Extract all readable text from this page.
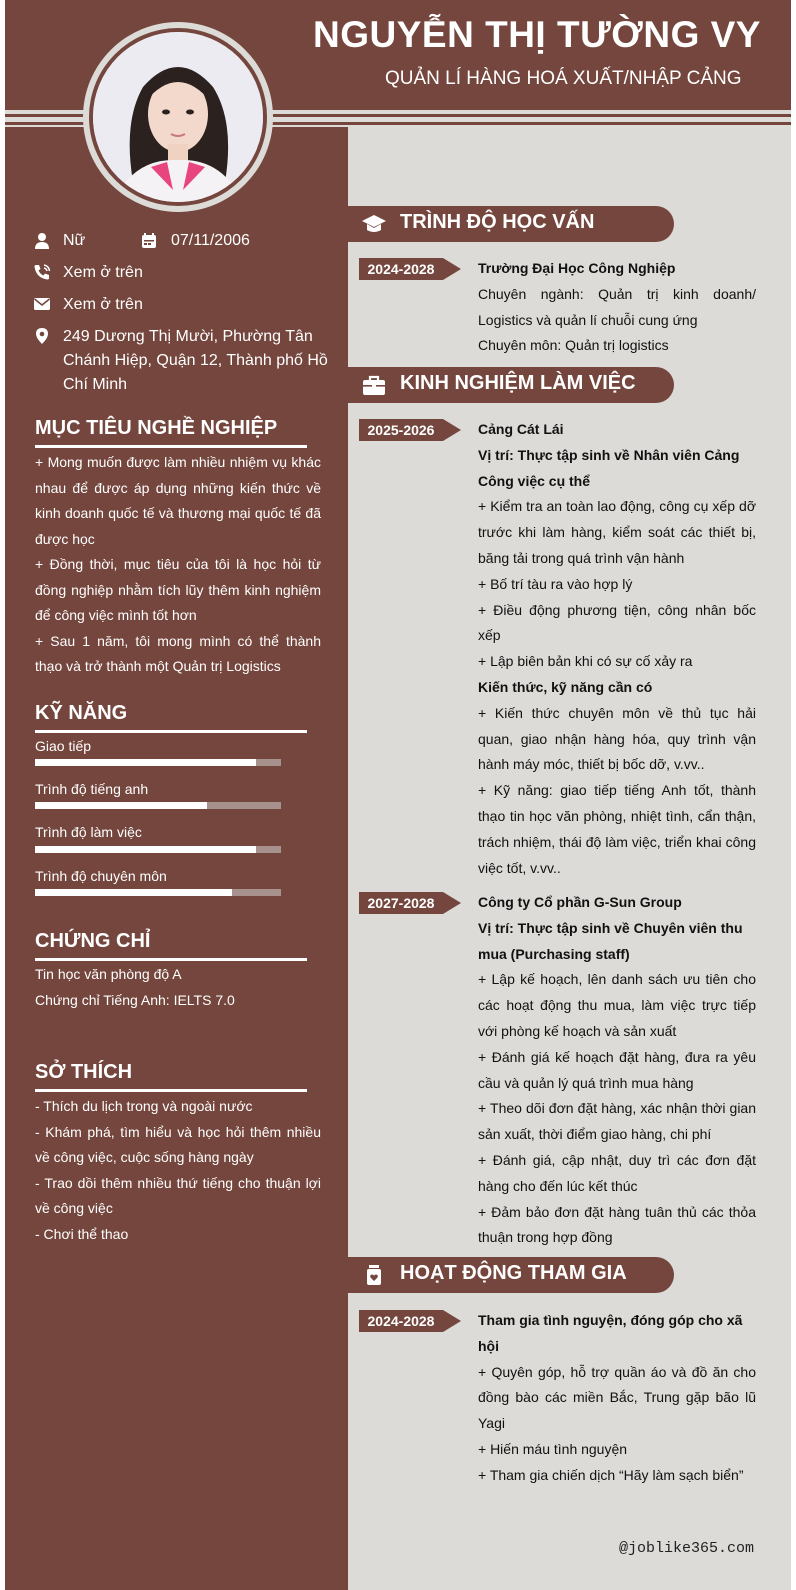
NGUYỄN THỊ TƯỜNG VY
QUẢN LÍ HÀNG HOÁ XUẤT/NHẬP CẢNG
Nữ	07/11/2006
Xem ở trên
Xem ở trên
249 Dương Thị Mười, Phường Tân Chánh Hiệp, Quận 12, Thành phố Hồ Chí Minh
MỤC TIÊU NGHỀ NGHIỆP

+ Mong muốn được làm nhiều nhiệm vụ khác nhau để được áp dụng những kiến thức về kinh doanh quốc tế và thương mại quốc tế đã được học

+ Đồng thời, mục tiêu của tôi là học hỏi từ đồng nghiệp nhằm tích lũy thêm kinh nghiệm để công việc mình tốt hơn

+ Sau 1 năm, tôi mong mình có thể thành thạo và trở thành một Quản trị Logistics

KỸ NĂNG
Giao tiếp
Trình độ tiếng anh
Trình độ làm việc
Trình độ chuyên môn
CHỨNG CHỈ

Tin học văn phòng độ A

Chứng chỉ Tiếng Anh: IELTS 7.0

SỞ THÍCH

- Thích du lịch trong và ngoài nước

- Khám phá, tìm hiểu và học hỏi thêm nhiều về công việc, cuộc sống hàng ngày

- Trao dồi thêm nhiều thứ tiếng cho thuận lợi về công việc

- Chơi thể thao

TRÌNH ĐỘ HỌC VẤN
2024-2028	Trường Đại Học Công Nghiệp

Chuyên ngành: Quản trị kinh doanh/ Logistics và quản lí chuỗi cung ứng

Chuyên môn: Quản trị logistics

KINH NGHIỆM LÀM VIỆC
2025-2026	Cảng Cát Lái

Vị trí: Thực tập sinh về Nhân viên Cảng

Công việc cụ thể

+ Kiểm tra an toàn lao động, công cụ xếp dỡ trước khi làm hàng, kiểm soát các thiết bị, băng tải trong quá trình vận hành

+ Bố trí tàu ra vào hợp lý

+ Điều động phương tiện, công nhân bốc xếp

+ Lập biên bản khi có sự cố xảy ra

Kiến thức, kỹ năng cần có

+ Kiến thức chuyên môn về thủ tục hải quan, giao nhận hàng hóa, quy trình vận hành máy móc, thiết bị bốc dỡ, v.vv..

+ Kỹ năng: giao tiếp tiếng Anh tốt, thành thạo tin học văn phòng, nhiệt tình, cẩn thận, trách nhiệm, thái độ làm việc, triển khai công việc tốt, v.vv..

2027-2028	Công ty Cổ phần G-Sun Group

Vị trí: Thực tập sinh về Chuyên viên thu mua (Purchasing staff)

+ Lập kế hoạch, lên danh sách ưu tiên cho các hoạt động thu mua, làm việc trực tiếp với phòng kế hoạch và sản xuất

+ Đánh giá kế hoạch đặt hàng, đưa ra yêu cầu và quản lý quá trình mua hàng

+ Theo dõi đơn đặt hàng, xác nhận thời gian sản xuất, thời điểm giao hàng, chi phí

+ Đánh giá, cập nhật, duy trì các đơn đặt hàng cho đến lúc kết thúc

+ Đảm bảo đơn đặt hàng tuân thủ các thỏa thuận trong hợp đồng

HOẠT ĐỘNG THAM GIA
2024-2028	Tham gia tình nguyện, đóng góp cho xã hội

+ Quyên góp, hỗ trợ quần áo và đồ ăn cho đồng bào các miền Bắc, Trung gặp bão lũ Yagi

+ Hiến máu tình nguyện

+ Tham gia chiến dịch “Hãy làm sạch biển”

@joblike365.com
